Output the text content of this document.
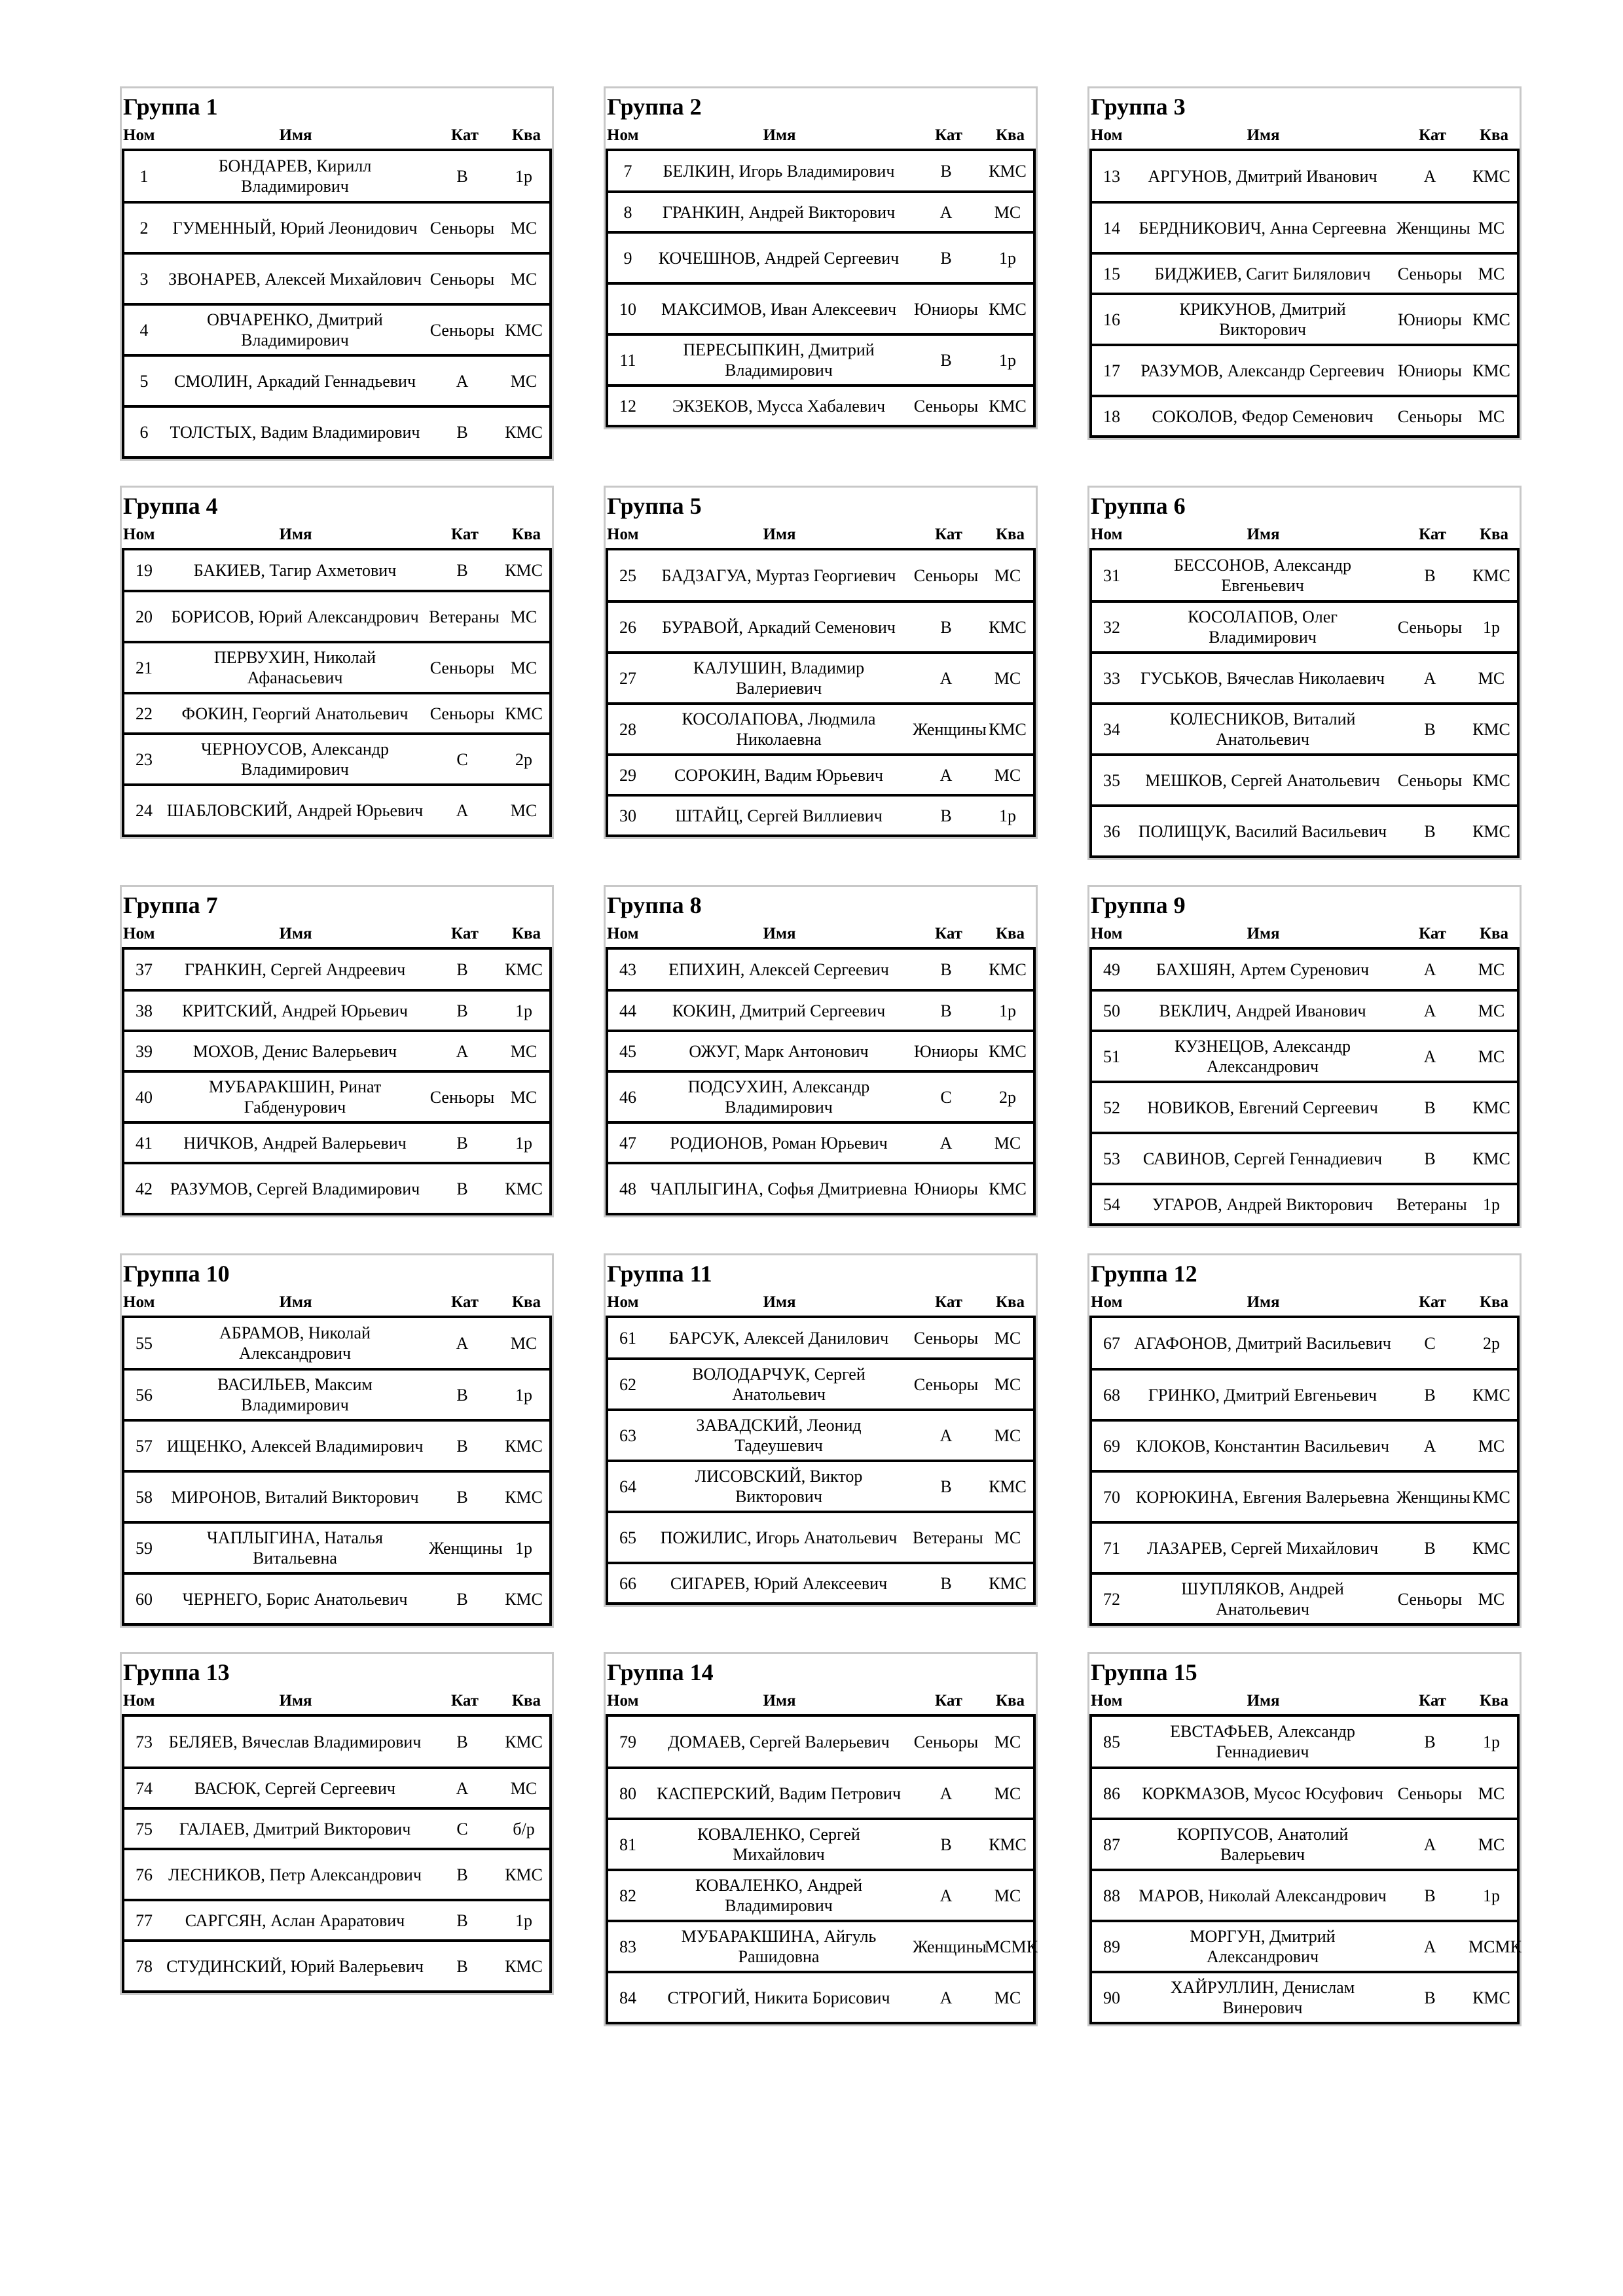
Группа 1
Ном	Имя	Кат	Ква
1	БОНДАРЕВ, Кирилл Владимирович	B	1р
2	ГУМЕННЫЙ, Юрий Леонидович	Сеньоры	МС
3	ЗВОНАРЕВ, Алексей Михайлович	Сеньоры	МС
4	ОВЧАРЕНКО, Дмитрий Владимирович	Сеньоры	КМС
5	СМОЛИН, Аркадий Геннадьевич	A	МС
6	ТОЛСТЫХ, Вадим Владимирович	B	КМС
Группа 2
Ном	Имя	Кат	Ква
7	БЕЛКИН, Игорь Владимирович	B	КМС
8	ГРАНКИН, Андрей Викторович	A	МС
9	КОЧЕШНОВ, Андрей Сергеевич	B	1р
10	МАКСИМОВ, Иван Алексеевич	Юниоры	КМС
11	ПЕРЕСЫПКИН, Дмитрий Владимирович	B	1р
12	ЭКЗЕКОВ, Мусса Хабалевич	Сеньоры	КМС
Группа 3
Ном	Имя	Кат	Ква
13	АРГУНОВ, Дмитрий Иванович	A	КМС
14	БЕРДНИКОВИЧ, Анна Сергеевна	Женщины	МС
15	БИДЖИЕВ, Сагит Билялович	Сеньоры	МС
16	КРИКУНОВ, Дмитрий Викторович	Юниоры	КМС
17	РАЗУМОВ, Александр Сергеевич	Юниоры	КМС
18	СОКОЛОВ, Федор Семенович	Сеньоры	МС
Группа 4
Ном	Имя	Кат	Ква
19	БАКИЕВ, Тагир Ахметович	B	КМС
20	БОРИСОВ, Юрий Александрович	Ветераны	МС
21	ПЕРВУХИН, Николай Афанасьевич	Сеньоры	МС
22	ФОКИН, Георгий Анатольевич	Сеньоры	КМС
23	ЧЕРНОУСОВ, Александр Владимирович	C	2р
24	ШАБЛОВСКИЙ, Андрей Юрьевич	A	МС
Группа 5
Ном	Имя	Кат	Ква
25	БАДЗАГУА, Муртаз Георгиевич	Сеньоры	МС
26	БУРАВОЙ, Аркадий Семенович	B	КМС
27	КАЛУШИН, Владимир Валериевич	A	МС
28	КОСОЛАПОВА, Людмила Николаевна	Женщины	КМС
29	СОРОКИН, Вадим Юрьевич	A	МС
30	ШТАЙЦ, Сергей Виллиевич	B	1р
Группа 6
Ном	Имя	Кат	Ква
31	БЕССОНОВ, Александр Евгеньевич	B	КМС
32	КОСОЛАПОВ, Олег Владимирович	Сеньоры	1р
33	ГУСЬКОВ, Вячеслав Николаевич	A	МС
34	КОЛЕСНИКОВ, Виталий Анатольевич	B	КМС
35	МЕШКОВ, Сергей Анатольевич	Сеньоры	КМС
36	ПОЛИЩУК, Василий Васильевич	B	КМС
Группа 7
Ном	Имя	Кат	Ква
37	ГРАНКИН, Сергей Андреевич	B	КМС
38	КРИТСКИЙ, Андрей Юрьевич	B	1р
39	МОХОВ, Денис Валерьевич	A	МС
40	МУБАРАКШИН, Ринат Габденурович	Сеньоры	МС
41	НИЧКОВ, Андрей Валерьевич	B	1р
42	РАЗУМОВ, Сергей Владимирович	B	КМС
Группа 8
Ном	Имя	Кат	Ква
43	ЕПИХИН, Алексей Сергеевич	B	КМС
44	КОКИН, Дмитрий Сергеевич	B	1р
45	ОЖУГ, Марк Антонович	Юниоры	КМС
46	ПОДСУХИН, Александр Владимирович	C	2р
47	РОДИОНОВ, Роман Юрьевич	A	МС
48	ЧАПЛЫГИНА, Софья Дмитриевна	Юниоры	КМС
Группа 9
Ном	Имя	Кат	Ква
49	БАХШЯН, Артем Суренович	A	МС
50	ВЕКЛИЧ, Андрей Иванович	A	МС
51	КУЗНЕЦОВ, Александр Александрович	A	МС
52	НОВИКОВ, Евгений Сергеевич	B	КМС
53	САВИНОВ, Сергей Геннадиевич	B	КМС
54	УГАРОВ, Андрей Викторович	Ветераны	1р
Группа 10
Ном	Имя	Кат	Ква
55	АБРАМОВ, Николай Александрович	A	МС
56	ВАСИЛЬЕВ, Максим Владимирович	B	1р
57	ИЩЕНКО, Алексей Владимирович	B	КМС
58	МИРОНОВ, Виталий Викторович	B	КМС
59	ЧАПЛЫГИНА, Наталья Витальевна	Женщины	1р
60	ЧЕРНЕГО, Борис Анатольевич	B	КМС
Группа 11
Ном	Имя	Кат	Ква
61	БАРСУК, Алексей Данилович	Сеньоры	МС
62	ВОЛОДАРЧУК, Сергей Анатольевич	Сеньоры	МС
63	ЗАВАДСКИЙ, Леонид Тадеушевич	A	МС
64	ЛИСОВСКИЙ, Виктор Викторович	B	КМС
65	ПОЖИЛИС, Игорь Анатольевич	Ветераны	МС
66	СИГАРЕВ, Юрий Алексеевич	B	КМС
Группа 12
Ном	Имя	Кат	Ква
67	АГАФОНОВ, Дмитрий Васильевич	C	2р
68	ГРИНКО, Дмитрий Евгеньевич	B	КМС
69	КЛОКОВ, Константин Васильевич	A	МС
70	КОРЮКИНА, Евгения Валерьевна	Женщины	КМС
71	ЛАЗАРЕВ, Сергей Михайлович	B	КМС
72	ШУПЛЯКОВ, Андрей Анатольевич	Сеньоры	МС
Группа 13
Ном	Имя	Кат	Ква
73	БЕЛЯЕВ, Вячеслав Владимирович	B	КМС
74	ВАСЮК, Сергей Сергеевич	A	МС
75	ГАЛАЕВ, Дмитрий Викторович	C	б/р
76	ЛЕСНИКОВ, Петр Александрович	B	КМС
77	САРГСЯН, Аслан Араратович	B	1р
78	СТУДИНСКИЙ, Юрий Валерьевич	B	КМС
Группа 14
Ном	Имя	Кат	Ква
79	ДОМАЕВ, Сергей Валерьевич	Сеньоры	МС
80	КАСПЕРСКИЙ, Вадим Петрович	A	МС
81	КОВАЛЕНКО, Сергей Михайлович	B	КМС
82	КОВАЛЕНКО, Андрей Владимирович	A	МС
83	МУБАРАКШИНА, Айгуль Рашидовна	Женщины	МСМК
84	СТРОГИЙ, Никита Борисович	A	МС
Группа 15
Ном	Имя	Кат	Ква
85	ЕВСТАФЬЕВ, Александр Геннадиевич	B	1р
86	КОРКМАЗОВ, Мусос Юсуфович	Сеньоры	МС
87	КОРПУСОВ, Анатолий Валерьевич	A	МС
88	МАРОВ, Николай Александрович	B	1р
89	МОРГУН, Дмитрий Александрович	A	МСМК
90	ХАЙРУЛЛИН, Денислам Винерович	B	КМС
